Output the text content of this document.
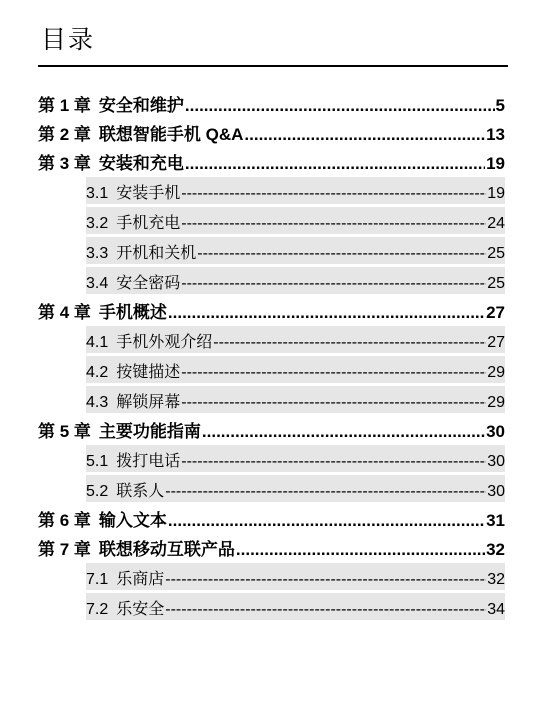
目录
第 1 章 安全和维护 .....	5
第 2 章 联想智能手机 Q&A .....	13
第 3 章 安装和充电 .....	19
3.1 安装手机 -----	19
3.2 手机充电 -----	24
3.3 开机和关机 -----	25
3.4 安全密码 -----	25
第 4 章 手机概述 .....	27
4.1 手机外观介绍 -----	27
4.2 按键描述 -----	29
4.3 解锁屏幕 -----	29
第 5 章 主要功能指南 .....	30
5.1 拨打电话 -----	30
5.2 联系人 -----	30
第 6 章 输入文本 .....	31
第 7 章 联想移动互联产品 .....	32
7.1 乐商店 -----	32
7.2 乐安全 -----	34
